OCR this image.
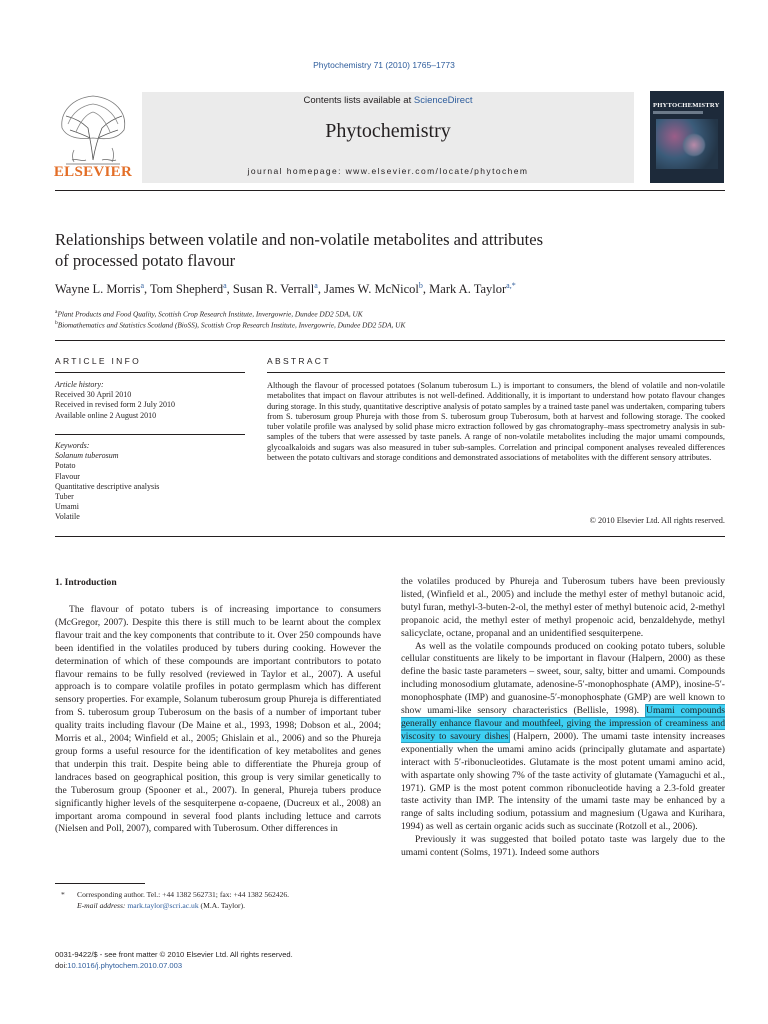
Phytochemistry 71 (2010) 1765–1773
ELSEVIER
Contents lists available at ScienceDirect
Phytochemistry
journal homepage: www.elsevier.com/locate/phytochem
PHYTOCHEMISTRY
Relationships between volatile and non-volatile metabolites and attributes
of processed potato flavour
Wayne L. Morris$^a$, Tom Shepherd$^a$, Susan R. Verrall$^a$, James W. McNicol$^b$, Mark A. Taylor$^{a,*}$
$^a$Plant Products and Food Quality, Scottish Crop Research Institute, Invergowrie, Dundee DD2 5DA, UK
$^b$Biomathematics and Statistics Scotland (BioSS), Scottish Crop Research Institute, Invergowrie, Dundee DD2 5DA, UK
ARTICLE INFO
Article history:
Received 30 April 2010
Received in revised form 2 July 2010
Available online 2 August 2010
Keywords:
Solanum tuberosum
Potato
Flavour
Quantitative descriptive analysis
Tuber
Umami
Volatile
ABSTRACT
Although the flavour of processed potatoes (Solanum tuberosum L.) is important to consumers, the blend of volatile and non-volatile metabolites that impact on flavour attributes is not well-defined. Additionally, it is important to understand how potato flavour changes during storage. In this study, quantitative descriptive analysis of potato samples by a trained taste panel was undertaken, comparing tubers from S. tuberosum group Phureja with those from S. tuberosum group Tuberosum, both at harvest and following storage. The cooked tuber volatile profile was analysed by solid phase micro extraction followed by gas chromatography–mass spectrometry analysis in sub-samples of the tubers that were assessed by taste panels. A range of non-volatile metabolites including the major umami compounds, glycoalkaloids and sugars was also measured in tuber sub-samples. Correlation and principal component analyses revealed differences between the potato cultivars and storage conditions and demonstrated associations of metabolites with the different sensory attributes.
© 2010 Elsevier Ltd. All rights reserved.
1. Introduction

The flavour of potato tubers is of increasing importance to consumers (McGregor, 2007). Despite this there is still much to be learnt about the complex flavour trait and the key components that contribute to it. Over 250 compounds have been identified in the volatiles produced by tubers during cooking. However the determination of which of these compounds are important contributors to potato flavour remains to be fully resolved (reviewed in Taylor et al., 2007). A useful approach is to compare volatile profiles in potato germplasm which has different sensory properties. For example, Solanum tuberosum group Phureja is differentiated from S. tuberosum group Tuberosum on the basis of a number of important tuber quality traits including flavour (De Maine et al., 1993, 1998; Dobson et al., 2004; Morris et al., 2004; Winfield et al., 2005; Ghislain et al., 2006) and so the Phureja group forms a useful resource for the identification of key metabolites and genes that underpin this trait. Despite being able to differentiate the Phureja group of landraces based on geographical position, this group is very similar genetically to the Tuberosum group (Spooner et al., 2007). In general, Phureja tubers produce significantly higher levels of the sesquiterpene α-copaene, (Ducreux et al., 2008) an important aroma compound in several food plants including lettuce and carrots (Nielsen and Poll, 2007), compared with Tuberosum. Other differences in

the volatiles produced by Phureja and Tuberosum tubers have been previously listed, (Winfield et al., 2005) and include the methyl ester of methyl butanoic acid, butyl furan, methyl-3-buten-2-ol, the methyl ester of methyl butenoic acid, 2-methyl propanoic acid, the methyl ester of methyl propenoic acid, benzaldehyde, methyl salicyclate, octane, propanal and an unidentified sesquiterpene.

As well as the volatile compounds produced on cooking potato tubers, soluble cellular constituents are likely to be important in flavour (Halpern, 2000) as these define the basic taste parameters – sweet, sour, salty, bitter and umami. Compounds including monosodium glutamate, adenosine-5′-monophosphate (AMP), inosine-5′-monophosphate (IMP) and guanosine-5′-monophosphate (GMP) are well known to show umami-like sensory characteristics (Bellisle, 1998). Umami compounds generally enhance flavour and mouthfeel, giving the impression of creaminess and viscosity to savoury dishes (Halpern, 2000). The umami taste intensity increases exponentially when the umami amino acids (principally glutamate and aspartate) interact with 5′-ribonucleotides. Glutamate is the most potent umami amino acid, with aspartate only showing 7% of the taste activity of glutamate (Yamaguchi et al., 1971). GMP is the most potent common ribonucleotide having a 2.3-fold greater taste activity than IMP. The intensity of the umami taste may be enhanced by a range of salts including sodium, potassium and magnesium (Ugawa and Kurihara, 1994) as well as certain organic acids such as succinate (Rotzoll et al., 2006).

Previously it was suggested that boiled potato taste was largely due to the umami content (Solms, 1971). Indeed some authors

* Corresponding author. Tel.: +44 1382 562731; fax: +44 1382 562426.
E-mail address: mark.taylor@scri.ac.uk (M.A. Taylor).
0031-9422/$ - see front matter © 2010 Elsevier Ltd. All rights reserved.
doi:10.1016/j.phytochem.2010.07.003
